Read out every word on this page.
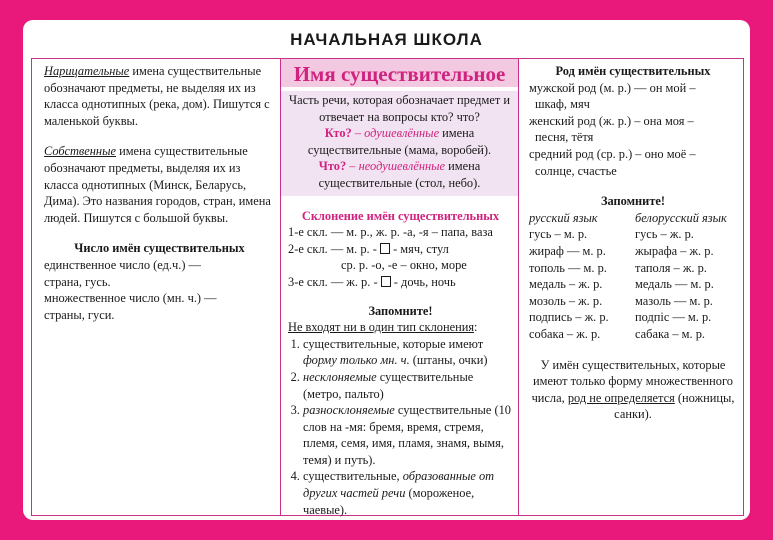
НАЧАЛЬНАЯ ШКОЛА
Нарицательные имена существительные обозначают предметы, не выделяя их из класса однотипных (река, дом). Пишутся с маленькой буквы.
Собственные имена существительные обозначают предметы, выделяя их из класса однотипных (Минск, Беларусь, Дима). Это названия городов, стран, имена людей. Пишутся с большой буквы.
Число имён существительных
единственное число (ед.ч.) —
страна, гусь.
множественное число (мн. ч.) —
страны, гуси.
Имя существительное
Часть речи, которая обозначает предмет и отвечает на вопросы кто? что?
Кто? – одушевлённые имена существительные (мама, воробей).
Что? – неодушевлённые имена существительные (стол, небо).
Склонение имён существительных
1-е скл. — м. р., ж. р. -а, -я – папа, ваза
2-е скл. — м. р. -  - мяч, стул
ср. р. -о, -е – окно, море
3-е скл. — ж. р. -  - дочь, ночь
Запомните!
Не входят ни в один тип склонения:
1. существительные, которые имеют форму только мн. ч. (штаны, очки)
2. несклоняемые существительные (метро, пальто)
3. разносклоняемые существительные (10 слов на -мя: бремя, время, стремя, племя, семя, имя, пламя, знамя, вымя, темя) и путь).
4. существительные, образованные от других частей речи (мороженое, чаевые).
Род имён существительных
мужской род (м. р.) — он мой –
шкаф, мяч
женский род (ж. р.) – она моя –
песня, тётя
средний род (ср. р.) – оно моё –
солнце, счастье
Запомните!
русский язык	белорусский язык
гусь – м. р.	гусь – ж. р.
жираф — м. р.	жырафа – ж. р.
тополь — м. р.	таполя – ж. р.
медаль – ж. р.	медаль — м. р.
мозоль – ж. р.	мазоль — м. р.
подпись – ж. р.	подпіс — м. р.
собака – ж. р.	сабака – м. р.
У имён существительных, которые имеют только форму множественного числа, род не определяется (ножницы, санки).
